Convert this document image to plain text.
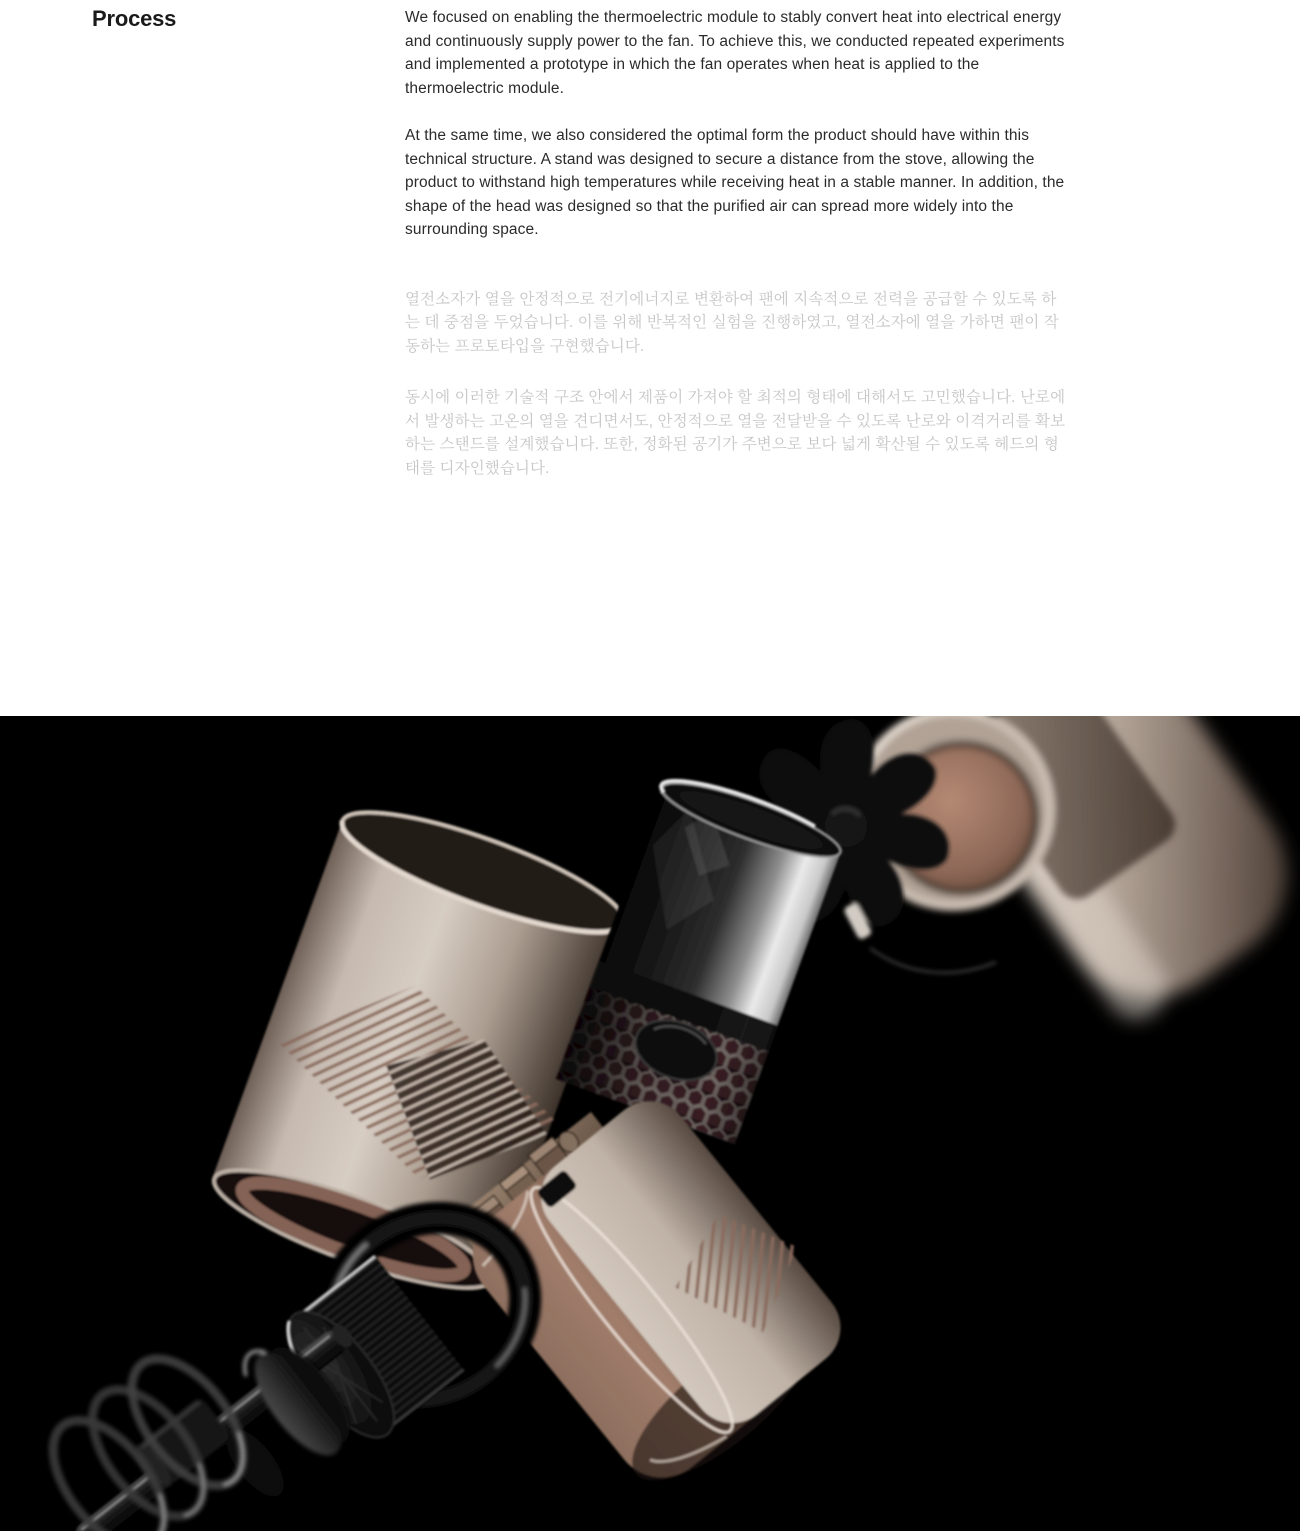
Process	We focused on enabling the thermoelectric module to stably convert heat into electrical energy and continuously supply power to the fan. To achieve this, we conducted repeated experiments and implemented a prototype in which the fan operates when heat is applied to the thermoelectric module.

At the same time, we also considered the optimal form the product should have within this technical structure. A stand was designed to secure a distance from the stove, allowing the product to withstand high temperatures while receiving heat in a stable manner. In addition, the shape of the head was designed so that the purified air can spread more widely into the surrounding space.

열전소자가 열을 안정적으로 전기에너지로 변환하여 팬에 지속적으로 전력을 공급할 수 있도록 하는 데 중점을 두었습니다. 이를 위해 반복적인 실험을 진행하였고, 열전소자에 열을 가하면 팬이 작동하는 프로토타입을 구현했습니다.

동시에 이러한 기술적 구조 안에서 제품이 가져야 할 최적의 형태에 대해서도 고민했습니다. 난로에서 발생하는 고온의 열을 견디면서도, 안정적으로 열을 전달받을 수 있도록 난로와 이격거리를 확보하는 스탠드를 설계했습니다. 또한, 정화된 공기가 주변으로 보다 넓게 확산될 수 있도록 헤드의 형태를 디자인했습니다.
